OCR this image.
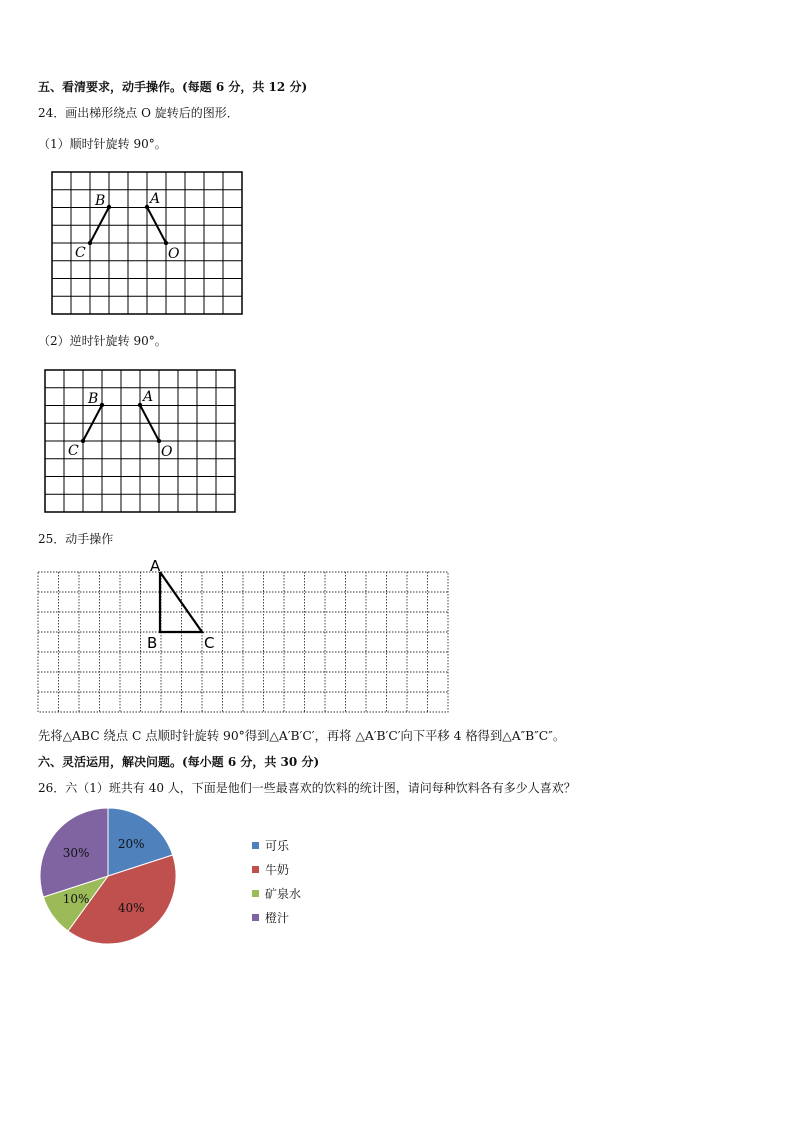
五、看清要求，动手操作。(每题 6 分，共 12 分)
24．画出梯形绕点 O 旋转后的图形．
（1）顺时针旋转 90°。
B	A
C	O
（2）逆时针旋转 90°。
B	A
C	O
25．动手操作
A
B	C
先将△ABC 绕点 C 点顺时针旋转 90°得到△A′B′C′，再将 △A′B′C′向下平移 4 格得到△A″B″C″。
六、灵活运用，解决问题。(每小题 6 分，共 30 分)
26．六（1）班共有 40 人，下面是他们一些最喜欢的饮料的统计图，请问每种饮料各有多少人喜欢？
20%
40%
10%
30%
可乐
牛奶
矿泉水
橙汁
